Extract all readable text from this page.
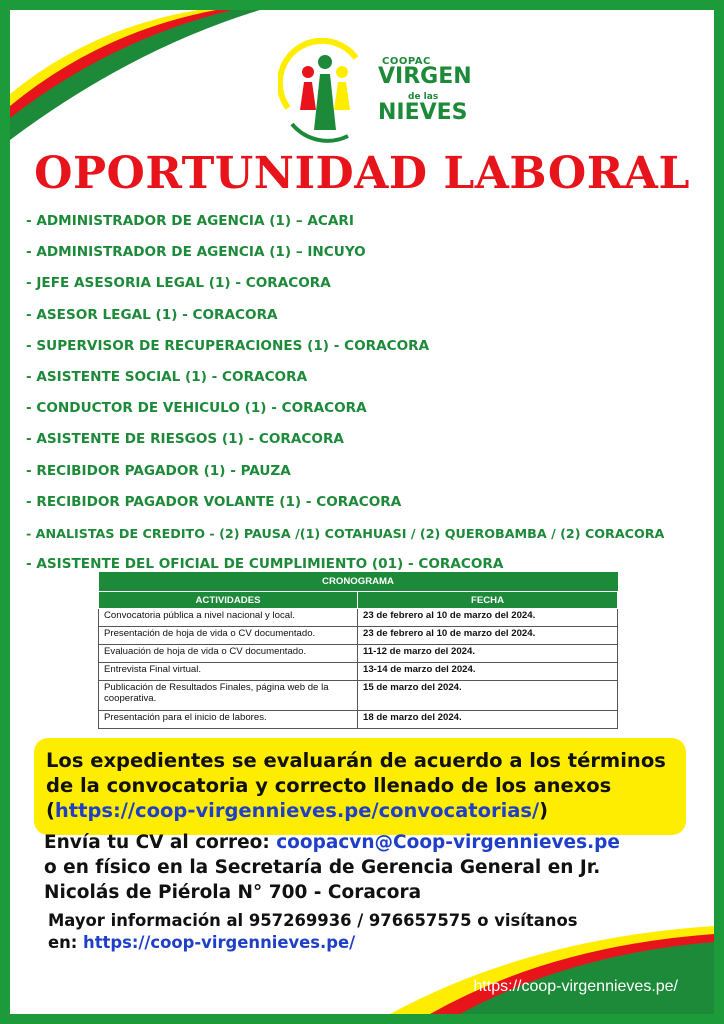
COOPAC
VIRGEN
de las
NIEVES
OPORTUNIDAD LABORAL
- ADMINISTRADOR DE AGENCIA (1) – ACARI
- ADMINISTRADOR DE AGENCIA (1) – INCUYO
- JEFE ASESORIA LEGAL (1) - CORACORA
- ASESOR LEGAL (1) - CORACORA
- SUPERVISOR DE RECUPERACIONES (1) - CORACORA
- ASISTENTE SOCIAL (1) - CORACORA
- CONDUCTOR DE VEHICULO (1) - CORACORA
- ASISTENTE DE RIESGOS (1) - CORACORA
- RECIBIDOR PAGADOR (1) - PAUZA
- RECIBIDOR PAGADOR VOLANTE (1) - CORACORA
- ANALISTAS DE CREDITO - (2) PAUSA /(1) COTAHUASI / (2) QUEROBAMBA / (2) CORACORA
- ASISTENTE DEL OFICIAL DE CUMPLIMIENTO (01) - CORACORA
CRONOGRAMA	
ACTIVIDADES	FECHA
Convocatoria pública a nivel nacional y local.	23 de febrero al 10 de marzo del 2024.
Presentación de hoja de vida o CV documentado.	23 de febrero al 10 de marzo del 2024.
Evaluación de hoja de vida o CV documentado.	11-12 de marzo del 2024.
Entrevista Final virtual.	13-14 de marzo del 2024.
Publicación de Resultados Finales, página web de la cooperativa.	15 de marzo del 2024.
Presentación para el inicio de labores.	18 de marzo del 2024.
Los expedientes se evaluarán de acuerdo a los términos de la convocatoria y correcto llenado de los anexos (https://coop-virgennieves.pe/convocatorias/)
Envía tu CV al correo: coopacvn@Coop-virgennieves.pe
o en físico en la Secretaría de Gerencia General en Jr.
Nicolás de Piérola N° 700 - Coracora
Mayor información al 957269936 / 976657575 o visítanos
en: https://coop-virgennieves.pe/
https://coop-virgennieves.pe/
